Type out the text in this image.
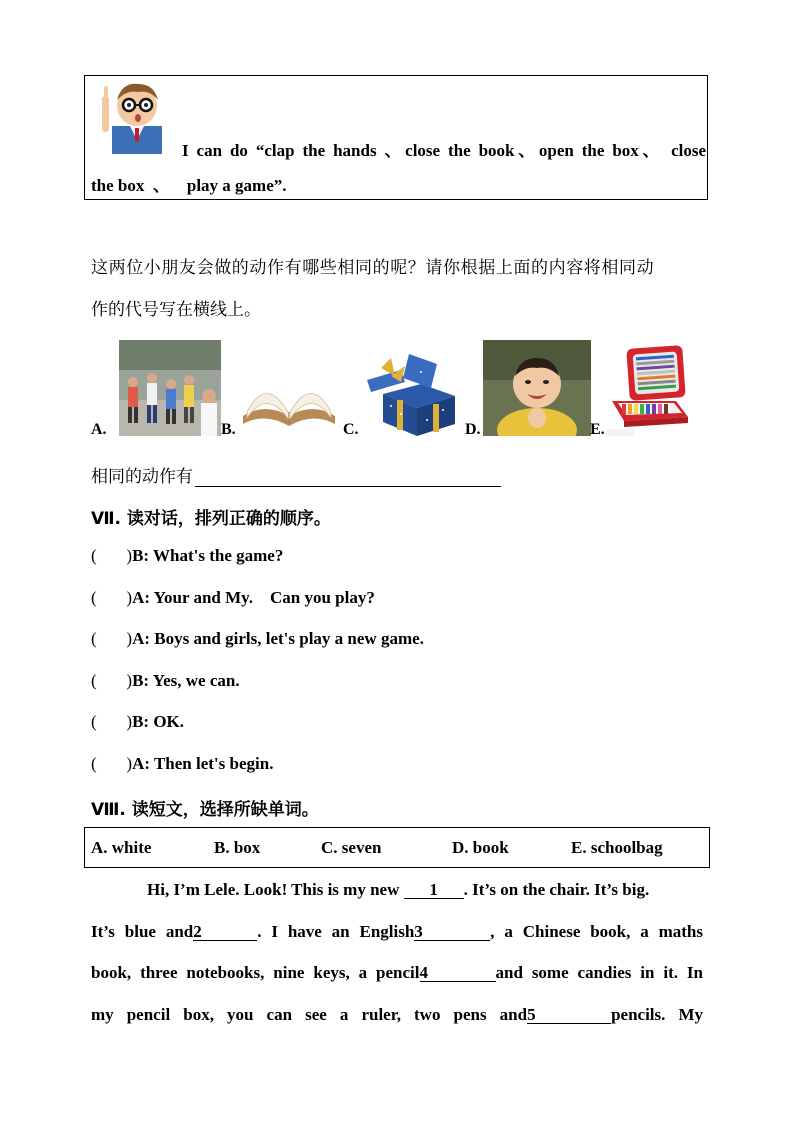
I can do “clap the hands 、close the book、open the box、 close
the box  、    play a game”.
这两位小朋友会做的动作有哪些相同的呢？请你根据上面的内容将相同动
作的代号写在横线上。
A.	B.	C.	D.	E.
相同的动作有
Ⅶ. 读对话，排列正确的顺序。
(       )B: What's the game?
(       )A: Your and My.    Can you play?
(       )A: Boys and girls, let's play a new game.
(       )B: Yes, we can.
(       )B: OK.
(       )A: Then let's begin.
Ⅷ. 读短文，选择所缺单词。
A. white	B. box	C. seven	D. book	E. schoolbag
Hi, I’m Lele. Look! This is my new 1 . It’s on the chair. It’s big.
It’s blue and2	. I have an English3	, a Chinese book, a maths
book, three notebooks, nine keys, a pencil4	and some candies in it. In
my pencil box, you can see a ruler, two pens and5	pencils. My
